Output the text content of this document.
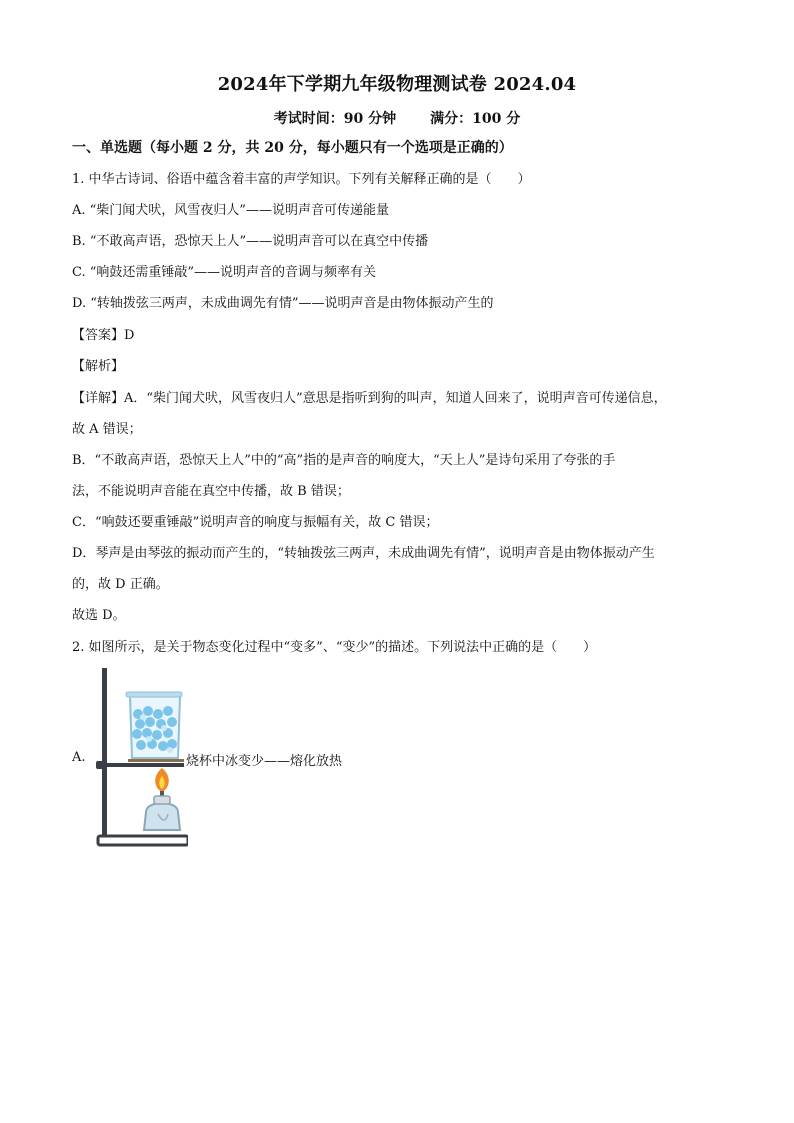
2024年下学期九年级物理测试卷 2024.04
考试时间：90 分钟 满分：100 分
一、单选题（每小题 2 分，共 20 分，每小题只有一个选项是正确的）
1. 中华古诗词、俗语中蕴含着丰富的声学知识。下列有关解释正确的是（　　）
A. “柴门闻犬吠，风雪夜归人”——说明声音可传递能量
B. “不敢高声语，恐惊天上人”——说明声音可以在真空中传播
C. “响鼓还需重锤敲”——说明声音的音调与频率有关
D. “转轴拨弦三两声，未成曲调先有情”——说明声音是由物体振动产生的
【答案】D
【解析】
【详解】A．“柴门闻犬吠，风雪夜归人”意思是指听到狗的叫声，知道人回来了，说明声音可传递信息，
故 A 错误；
B．“不敢高声语，恐惊天上人”中的“高”指的是声音的响度大，“天上人”是诗句采用了夸张的手
法，不能说明声音能在真空中传播，故 B 错误；
C．“响鼓还要重锤敲”说明声音的响度与振幅有关，故 C 错误；
D．琴声是由琴弦的振动而产生的，“转轴拨弦三两声，未成曲调先有情”，说明声音是由物体振动产生
的，故 D 正确。
故选 D。
2. 如图所示，是关于物态变化过程中“变多”、“变少”的描述。下列说法中正确的是（　　）
A.	烧杯中冰变少——熔化放热
